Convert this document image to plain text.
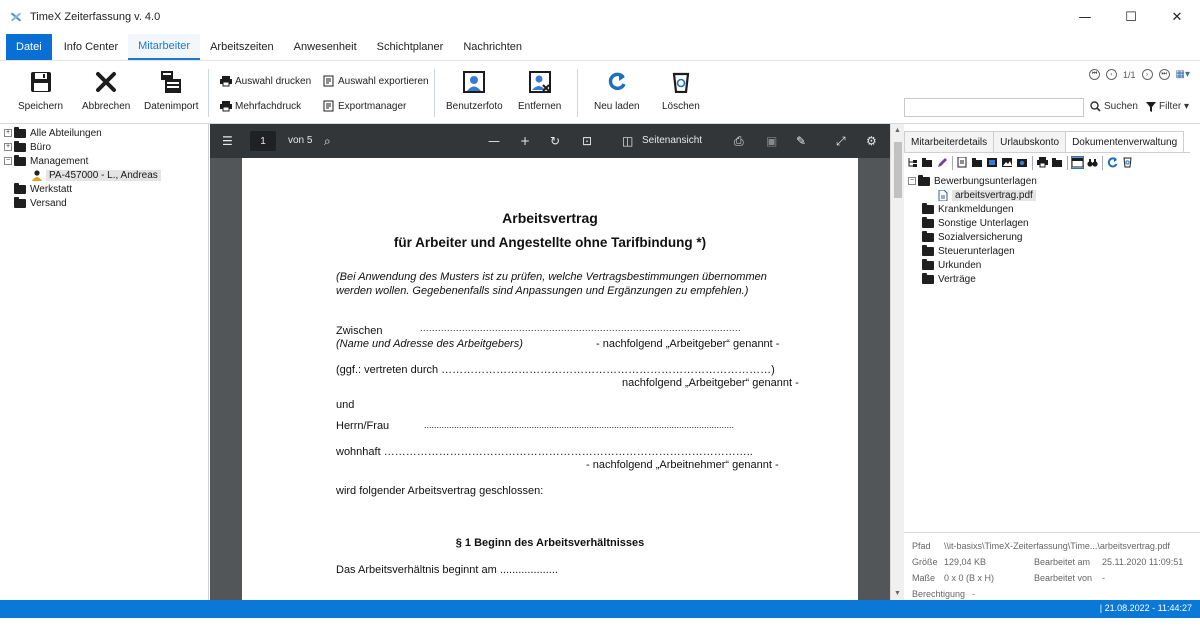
TimeX Zeiterfassung v. 4.0	—	☐	✕
Datei	Info Center	Mitarbeiter	Arbeitszeiten	Anwesenheit	Schichtplaner	Nachrichten
Speichern Abbrechen Datenimport
Auswahl drucken
Mehrfachdruck
Auswahl exportieren
Exportmanager	Benutzerfoto Entfernen	Neu laden Löschen
⏮	‹	1/1	›	⏭ ▦▾
Suchen Filter ▾
+ Alle Abteilungen
+ Büro
− Management
PA-457000 - L., Andreas
Werkstatt
Versand
☰	1	von 5 ⌕	— + ↻ ⊡ ◫ Seitenansicht	⎙ ▣ ✎ ⤢ ⚙
Arbeitsvertrag
für Arbeiter und Angestellte ohne Tarifbindung *)
(Bei Anwendung des Musters ist zu prüfen, welche Vertragsbestimmungen übernommen
werden wollen. Gegebenenfalls sind Anpassungen und Ergänzungen zu empfehlen.)
Zwischen	...........................................................................................................
(Name und Adresse des Arbeitgebers)	- nachfolgend „Arbeitgeber“ genannt -
(ggf.: vertreten durch ………………………………………………………………………………)
nachfolgend „Arbeitgeber“ genannt -
und
Herrn/Frau	............................................................................................................................
wohnhaft ………………………………………………………………………………………..
- nachfolgend „Arbeitnehmer“ genannt -
wird folgender Arbeitsvertrag geschlossen:
§ 1 Beginn des Arbeitsverhältnisses
Das Arbeitsverhältnis beginnt am ...................
▲
▼
Mitarbeiterdetails	Urlaubskonto	Dokumentenverwaltung
− Bewerbungsunterlagen
arbeitsvertrag.pdf
Krankmeldungen
Sonstige Unterlagen
Sozialversicherung
Steuerunterlagen
Urkunden
Verträge
Pfad \\it-basixs\TimeX-Zeiterfassung\Time...\arbeitsvertrag.pdf
Größe 129,04 KB	Bearbeitet am 25.11.2020 11:09:51
Maße 0 x 0 (B x H)	Bearbeitet von -
Berechtigung -
| 21.08.2022 - 11:44:27
